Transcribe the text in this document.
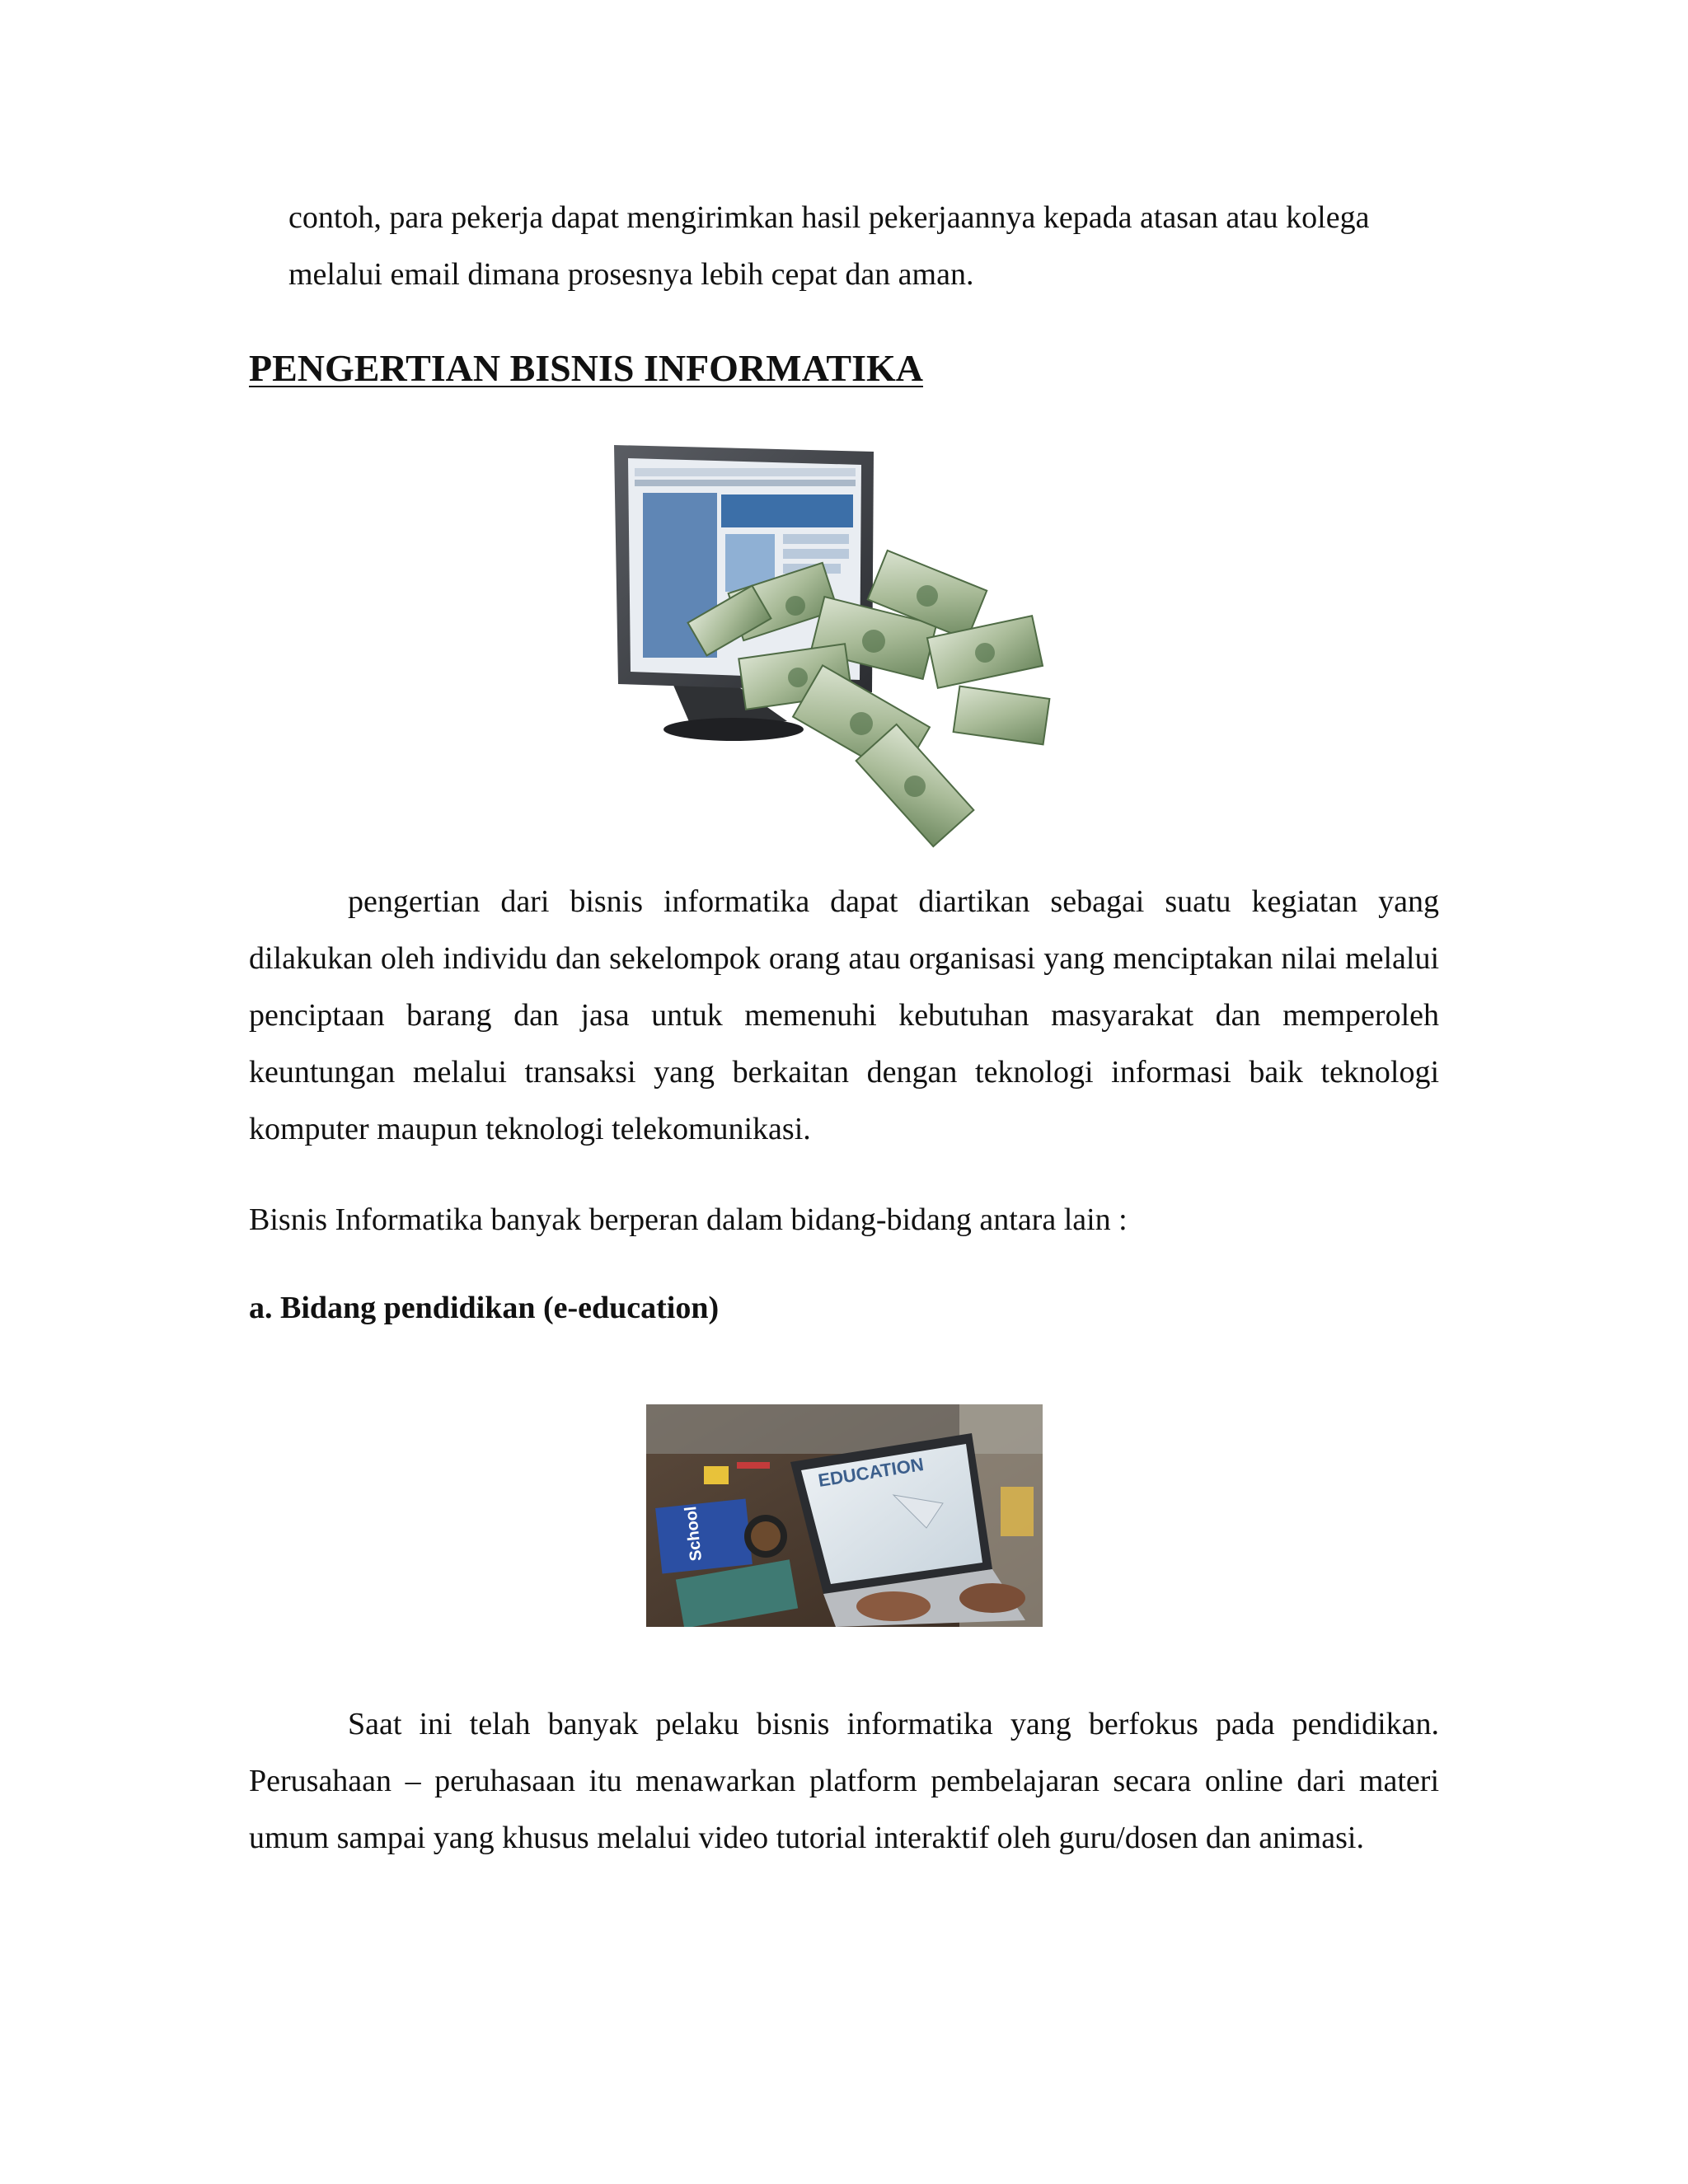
contoh, para pekerja dapat mengirimkan hasil pekerjaannya kepada atasan atau kolega
melalui email dimana prosesnya lebih cepat dan aman.
PENGERTIAN BISNIS INFORMATIKA
pengertian dari bisnis informatika dapat diartikan sebagai suatu kegiatan yang dilakukan oleh individu dan sekelompok orang atau organisasi yang menciptakan nilai melalui penciptaan barang dan jasa untuk memenuhi kebutuhan masyarakat dan memperoleh keuntungan melalui transaksi yang berkaitan dengan teknologi informasi baik teknologi komputer maupun teknologi telekomunikasi.
Bisnis Informatika banyak berperan dalam bidang-bidang antara lain :
a. Bidang pendidikan (e-education)
School
EDUCATION
Saat ini telah banyak pelaku bisnis informatika yang berfokus pada pendidikan. Perusahaan – peruhasaan itu menawarkan platform pembelajaran secara online dari materi umum sampai yang khusus melalui video tutorial interaktif oleh guru/dosen dan animasi.
